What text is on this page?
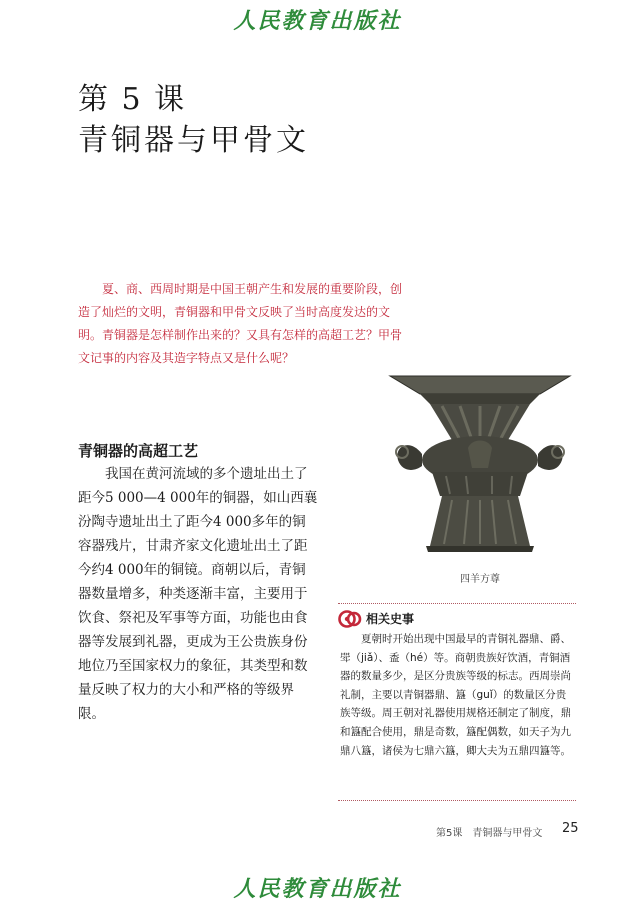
人民教育出版社
第 5 课
青铜器与甲骨文

夏、商、西周时期是中国王朝产生和发展的重要阶段，创造了灿烂的文明，青铜器和甲骨文反映了当时高度发达的文明。青铜器是怎样制作出来的？又具有怎样的高超工艺？甲骨文记事的内容及其造字特点又是什么呢？

四羊方尊
青铜器的高超工艺

我国在黄河流域的多个遗址出土了距今5 000—4 000年的铜器，如山西襄汾陶寺遗址出土了距今4 000多年的铜容器残片，甘肃齐家文化遗址出土了距今约4 000年的铜镜。商朝以后，青铜器数量增多，种类逐渐丰富，主要用于饮食、祭祀及军事等方面，功能也由食器等发展到礼器，更成为王公贵族身份地位乃至国家权力的象征，其类型和数量反映了权力的大小和严格的等级界限。

相关史事

夏朝时开始出现中国最早的青铜礼器鼎、爵、斝（jiǎ）、盉（hé）等。商朝贵族好饮酒，青铜酒器的数量多少，是区分贵族等级的标志。西周崇尚礼制，主要以青铜器鼎、簋（guǐ）的数量区分贵族等级。周王朝对礼器使用规格还制定了制度，鼎和簋配合使用，鼎是奇数，簋配偶数，如天子为九鼎八簋，诸侯为七鼎六簋，卿大夫为五鼎四簋等。

第5课　青铜器与甲骨文 25
人民教育出版社
